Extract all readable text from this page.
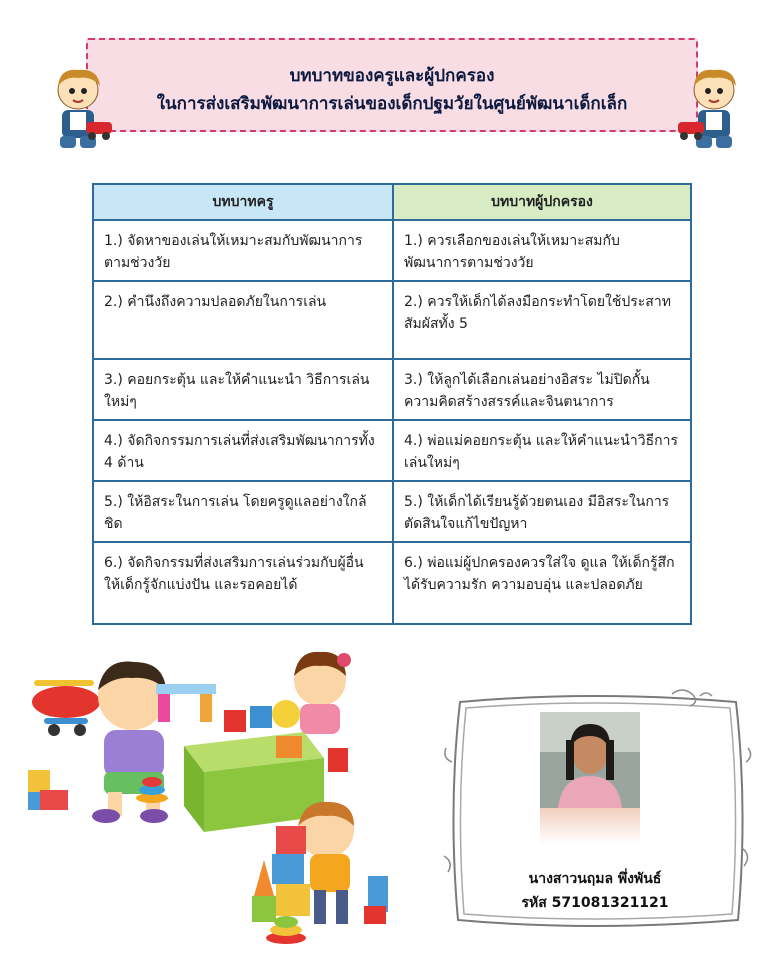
บทบาทของครูและผู้ปกครอง
ในการส่งเสริมพัฒนาการเล่นของเด็กปฐมวัยในศูนย์พัฒนาเด็กเล็ก
บทบาทครู	บทบาทผู้ปกครอง
1.) จัดหาของเล่นให้เหมาะสมกับพัฒนาการตามช่วงวัย	1.) ควรเลือกของเล่นให้เหมาะสมกับพัฒนาการตามช่วงวัย
2.) คำนึงถึงความปลอดภัยในการเล่น	2.) ควรให้เด็กได้ลงมือกระทำโดยใช้ประสาทสัมผัสทั้ง 5
3.) คอยกระตุ้น และให้คำแนะนำ วิธีการเล่นใหม่ๆ	3.) ให้ลูกได้เลือกเล่นอย่างอิสระ ไม่ปิดกั้นความคิดสร้างสรรค์และจินตนาการ
4.) จัดกิจกรรมการเล่นที่ส่งเสริมพัฒนาการทั้ง 4 ด้าน	4.) พ่อแม่คอยกระตุ้น และให้คำแนะนำวิธีการเล่นใหม่ๆ
5.) ให้อิสระในการเล่น โดยครูดูแลอย่างใกล้ชิด	5.) ให้เด็กได้เรียนรู้ด้วยตนเอง มีอิสระในการตัดสินใจแก้ไขปัญหา
6.) จัดกิจกรรมที่ส่งเสริมการเล่นร่วมกับผู้อื่น ให้เด็กรู้จักแบ่งปัน และรอคอยได้	6.) พ่อแม่ผู้ปกครองควรใส่ใจ ดูแล ให้เด็กรู้สึกได้รับความรัก ความอบอุ่น และปลอดภัย
นางสาวนฤมล พึ่งพันธ์
รหัส 571081321121
